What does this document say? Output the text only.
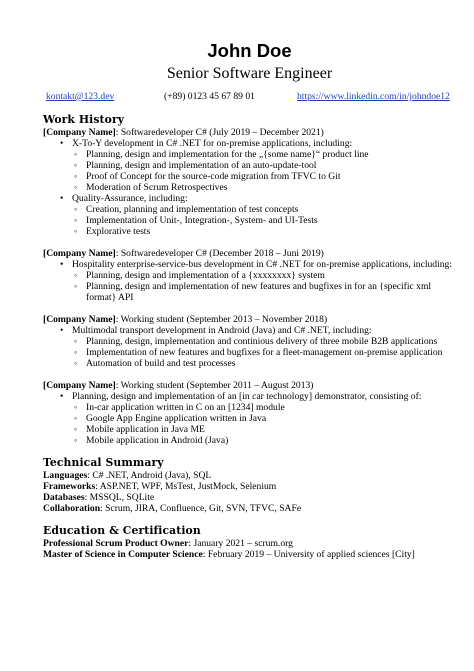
John Doe
Senior Software Engineer
kontakt@123.dev	(+89) 0123 45 67 89 01	https://www.linkedin.com/in/johndoe12
Work History
[Company Name]: Softwaredeveloper C# (July 2019 – December 2021)
• X-To-Y development in C# .NET for on-premise applications, including:
◦ Planning, design and implementation for the „{some name}“ product line
◦ Planning, design and implementation of an auto-update-tool
◦ Proof of Concept for the source-code migration from TFVC to Git
◦ Moderation of Scrum Retrospectives
• Quality-Assurance, including:
◦ Creation, planning and implementation of test concepts
◦ Implementation of Unit-, Integration-, System- and UI-Tests
◦ Explorative tests
[Company Name]: Softwaredeveloper C# (December 2018 – Juni 2019)
• Hospitality enterprise-service-bus development in C# .NET for on-premise applications, including:
◦ Planning, design and implementation of a {xxxxxxxx} system
◦ Planning, design and implementation of new features and bugfixes in for an {specific xml format} API
[Company Name]: Working student (September 2013 – November 2018)
• Multimodal transport development in Android (Java) and C# .NET, including:
◦ Planning, design, implementation and continious delivery of three mobile B2B applications
◦ Implementation of new features and bugfixes for a fleet-management on-premise application
◦ Automation of build and test processes
[Company Name]: Working student (September 2011 – August 2013)
• Planning, design and implementation of an [in car technology] demonstrator, consisting of:
◦ In-car application written in C on an [1234] module
◦ Google App Engine application written in Java
◦ Mobile application in Java ME
◦ Mobile application in Android (Java)
Technical Summary
Languages: C# .NET, Android (Java), SQL
Frameworks: ASP.NET, WPF, MsTest, JustMock, Selenium
Databases: MSSQL, SQLite
Collaboration: Scrum, JIRA, Confluence, Git, SVN, TFVC, SAFe
Education & Certification
Professional Scrum Product Owner: January 2021 – scrum.org
Master of Science in Computer Science: February 2019 – University of applied sciences [City]
